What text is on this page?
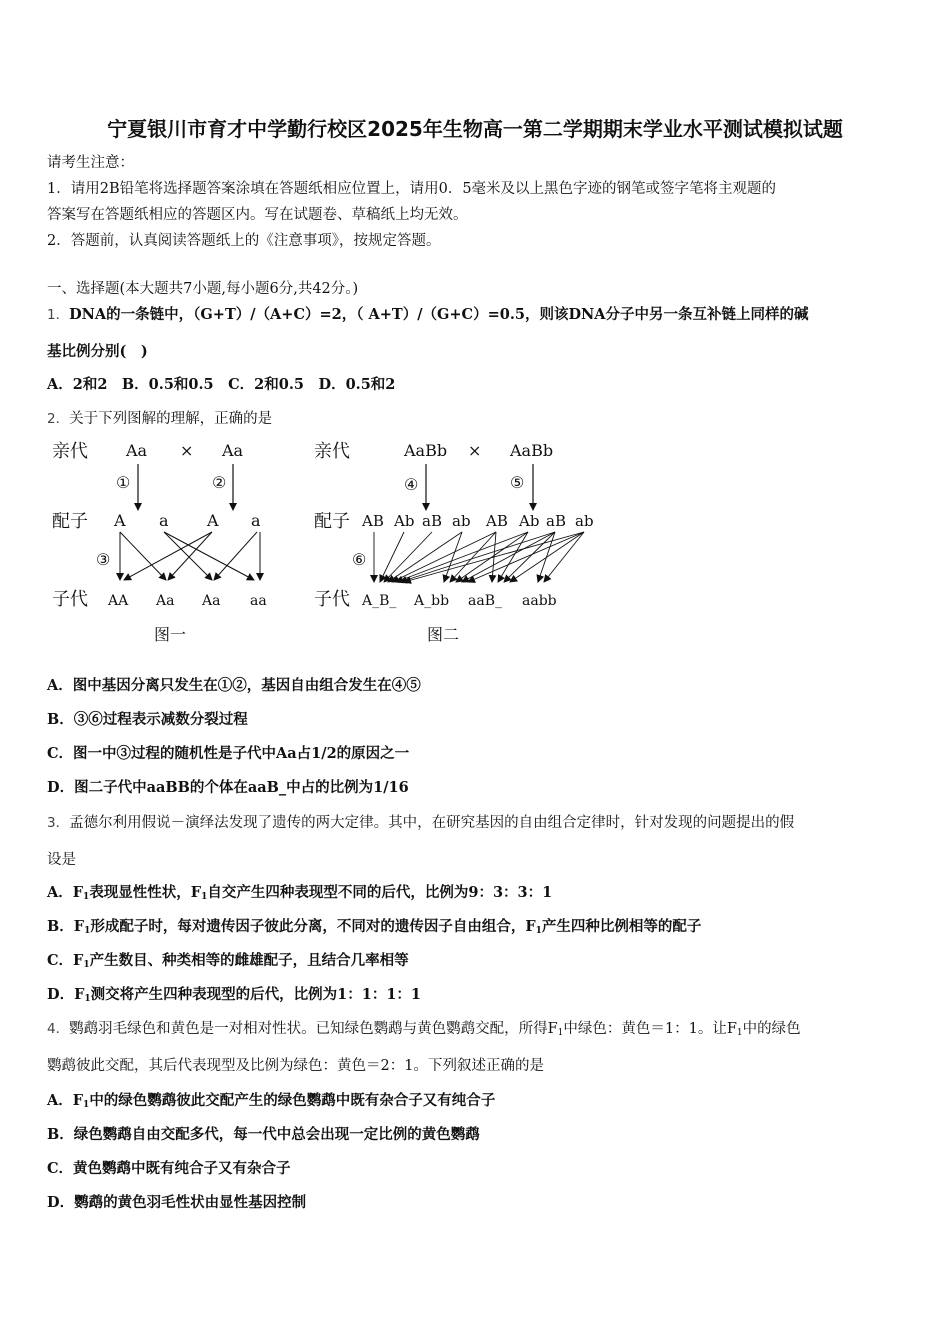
宁夏银川市育才中学勤行校区2025年生物高一第二学期期末学业水平测试模拟试题
请考生注意：
1．请用2B铅笔将选择题答案涂填在答题纸相应位置上，请用0．5毫米及以上黑色字迹的钢笔或签字笔将主观题的
答案写在答题纸相应的答题区内。写在试题卷、草稿纸上均无效。
2．答题前，认真阅读答题纸上的《注意事项》，按规定答题。
一、选择题(本大题共7小题,每小题6分,共42分。)
1．DNA的一条链中，（G+T）/（A+C）=2，（ A+T）/（G+C）=0.5，则该DNA分子中另一条互补链上同样的碱
基比例分别(　)
A．2和2　B．0.5和0.5　C．2和0.5　D．0.5和2
2．关于下列图解的理解，正确的是
亲代 Aa × Aa
①	②
配子 A a A a
③
子代 AA Aa Aa aa
图一
亲代	AaBb × AaBb
④	⑤
配子 AB Ab aB ab AB Ab aB ab
⑥
子代 A_B_ A_bb aaB_ aabb
图二
A．图中基因分离只发生在①②，基因自由组合发生在④⑤
B．③⑥过程表示减数分裂过程
C．图一中③过程的随机性是子代中Aa占1/2的原因之一
D．图二子代中aaBB的个体在aaB_中占的比例为1/16
3．孟德尔利用假说－演绎法发现了遗传的两大定律。其中，在研究基因的自由组合定律时，针对发现的问题提出的假
设是
A．$F_1$表现显性性状，$F_1$自交产生四种表现型不同的后代，比例为9：3：3：1
B．$F_1$形成配子时，每对遗传因子彼此分离，不同对的遗传因子自由组合，$F_1$产生四种比例相等的配子
C．$F_1$产生数目、种类相等的雌雄配子，且结合几率相等
D．$F_1$测交将产生四种表现型的后代，比例为1：1：1：1
4．鹦鹉羽毛绿色和黄色是一对相对性状。已知绿色鹦鹉与黄色鹦鹉交配，所得$F_1$中绿色：黄色＝1：1。让$F_1$中的绿色
鹦鹉彼此交配，其后代表现型及比例为绿色：黄色＝2：1。下列叙述正确的是
A．$F_1$中的绿色鹦鹉彼此交配产生的绿色鹦鹉中既有杂合子又有纯合子
B．绿色鹦鹉自由交配多代，每一代中总会出现一定比例的黄色鹦鹉
C．黄色鹦鹉中既有纯合子又有杂合子
D．鹦鹉的黄色羽毛性状由显性基因控制
